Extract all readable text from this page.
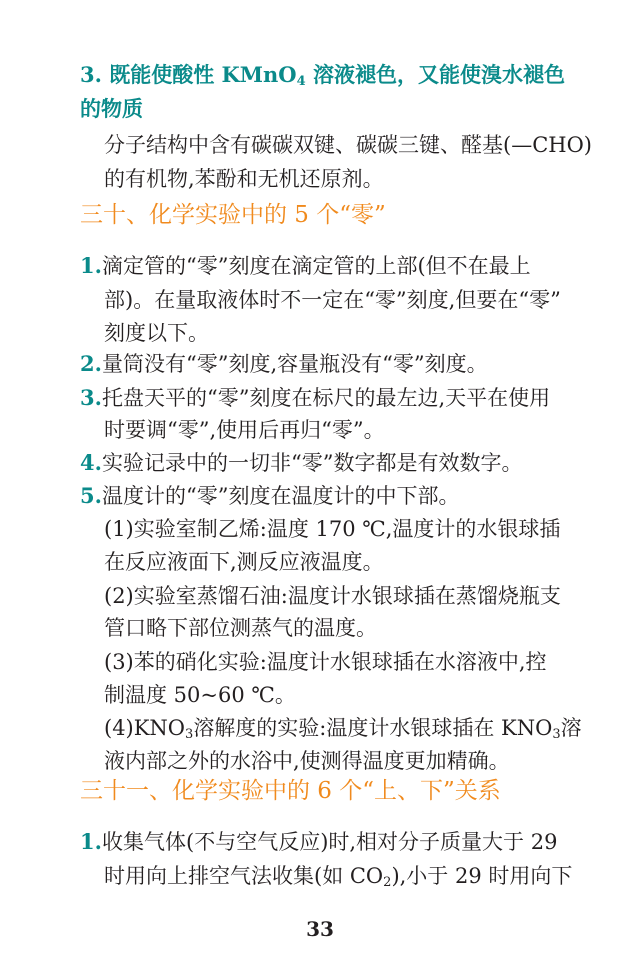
3. 既能使酸性 KMnO$_4$ 溶液褪色，又能使溴水褪色
的物质
分子结构中含有碳碳双键、碳碳三键、醛基(—CHO)
的有机物,苯酚和无机还原剂。
三十、化学实验中的 5 个“零”
1.滴定管的“零”刻度在滴定管的上部(但不在最上
部)。在量取液体时不一定在“零”刻度,但要在“零”
刻度以下。
2.量筒没有“零”刻度,容量瓶没有“零”刻度。
3.托盘天平的“零”刻度在标尺的最左边,天平在使用
时要调“零”,使用后再归“零”。
4.实验记录中的一切非“零”数字都是有效数字。
5.温度计的“零”刻度在温度计的中下部。
(1)实验室制乙烯:温度 170 ℃,温度计的水银球插
在反应液面下,测反应液温度。
(2)实验室蒸馏石油:温度计水银球插在蒸馏烧瓶支
管口略下部位测蒸气的温度。
(3)苯的硝化实验:温度计水银球插在水溶液中,控
制温度 50~60 ℃。
$(4)KNO_3$溶解度的实验:温度计水银球插在 $KNO_3$溶
液内部之外的水浴中,使测得温度更加精确。
三十一、化学实验中的 6 个“上、下”关系
1.收集气体(不与空气反应)时,相对分子质量大于 29
时用向上排空气法收集(如 $CO_2$),小于 29 时用向下
33
